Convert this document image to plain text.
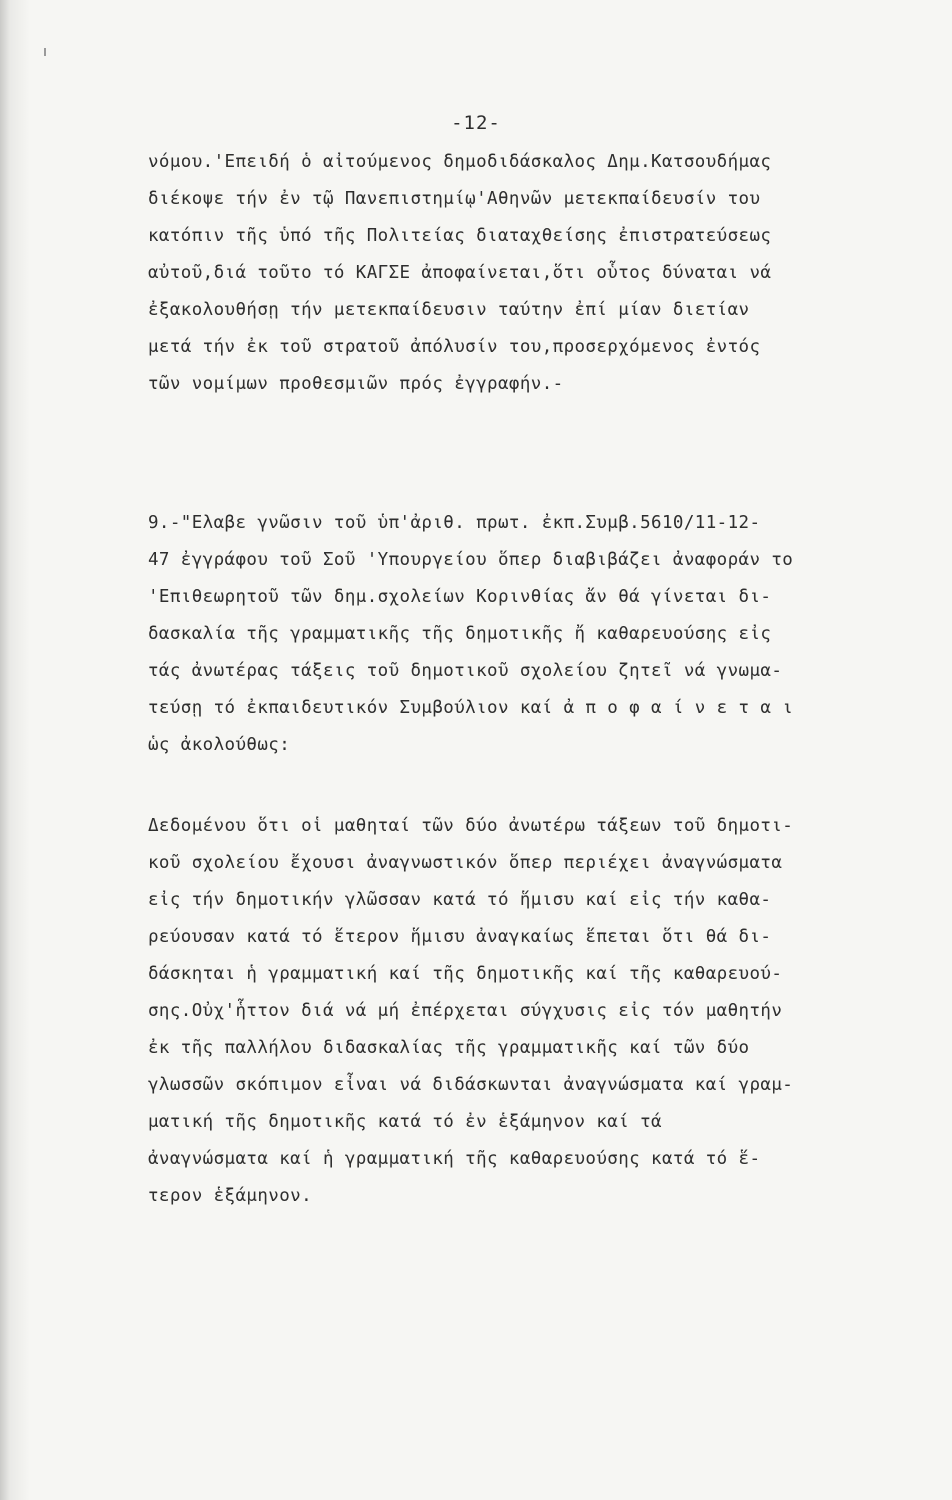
-12-

νόμου.'Επειδή ὁ αἰτούμενος δημοδιδάσκαλος Δημ.Κατσουδήμας
διέκοψε τήν ἐν τῷ Πανεπιστημίῳ'Αθηνῶν μετεκπαίδευσίν του
κατόπιν τῆς ὑπό τῆς Πολιτείας διαταχθείσης ἐπιστρατεύσεως
αὐτοῦ,διά τοῦτο τό ΚΑΓΣΕ ἀποφαίνεται,ὅτι οὗτος δύναται νά
ἐξακολουθήσῃ τήν μετεκπαίδευσιν ταύτην ἐπί μίαν διετίαν
μετά τήν ἐκ τοῦ στρατοῦ ἀπόλυσίν του,προσερχόμενος ἐντός
τῶν νομίμων προθεσμιῶν πρός ἐγγραφήν.-

9.-"Ελαβε γνῶσιν τοῦ ὑπ'ἀριθ. πρωτ. ἐκπ.Συμβ.5610/11-12-
47 ἐγγράφου τοῦ Σοῦ 'Υπουργείου ὅπερ διαβιβάζει ἀναφοράν το
'Επιθεωρητοῦ τῶν δημ.σχολείων Κορινθίας ἄν θά γίνεται δι-
δασκαλία τῆς γραμματικῆς τῆς δημοτικῆς ἤ καθαρευούσης εἰς
τάς ἀνωτέρας τάξεις τοῦ δημοτικοῦ σχολείου ζητεῖ νά γνωμα-
τεύσῃ τό ἐκπαιδευτικόν Συμβούλιον καί ἀ π ο φ α ί ν ε τ α ι
ὡς ἀκολούθως:

Δεδομένου ὅτι οἱ μαθηταί τῶν δύο ἀνωτέρω τάξεων τοῦ δημοτι-
κοῦ σχολείου ἔχουσι ἀναγνωστικόν ὅπερ περιέχει ἀναγνώσματα
εἰς τήν δημοτικήν γλῶσσαν κατά τό ἥμισυ καί εἰς τήν καθα-
ρεύουσαν κατά τό ἕτερον ἥμισυ ἀναγκαίως ἕπεται ὅτι θά δι-
δάσκηται ἡ γραμματική καί τῆς δημοτικῆς καί τῆς καθαρευού-
σης.Οὐχ'ἧττον διά νά μή ἐπέρχεται σύγχυσις εἰς τόν μαθητήν
ἐκ τῆς παλλήλου διδασκαλίας τῆς γραμματικῆς καί τῶν δύο
γλωσσῶν σκόπιμον εἶναι νά διδάσκωνται ἀναγνώσματα καί γραμ-
ματική τῆς δημοτικῆς κατά τό ἐν ἑξάμηνον καί τά
ἀναγνώσματα καί ἡ γραμματική τῆς καθαρευούσης κατά τό ἕ-
τερον ἑξάμηνον.
